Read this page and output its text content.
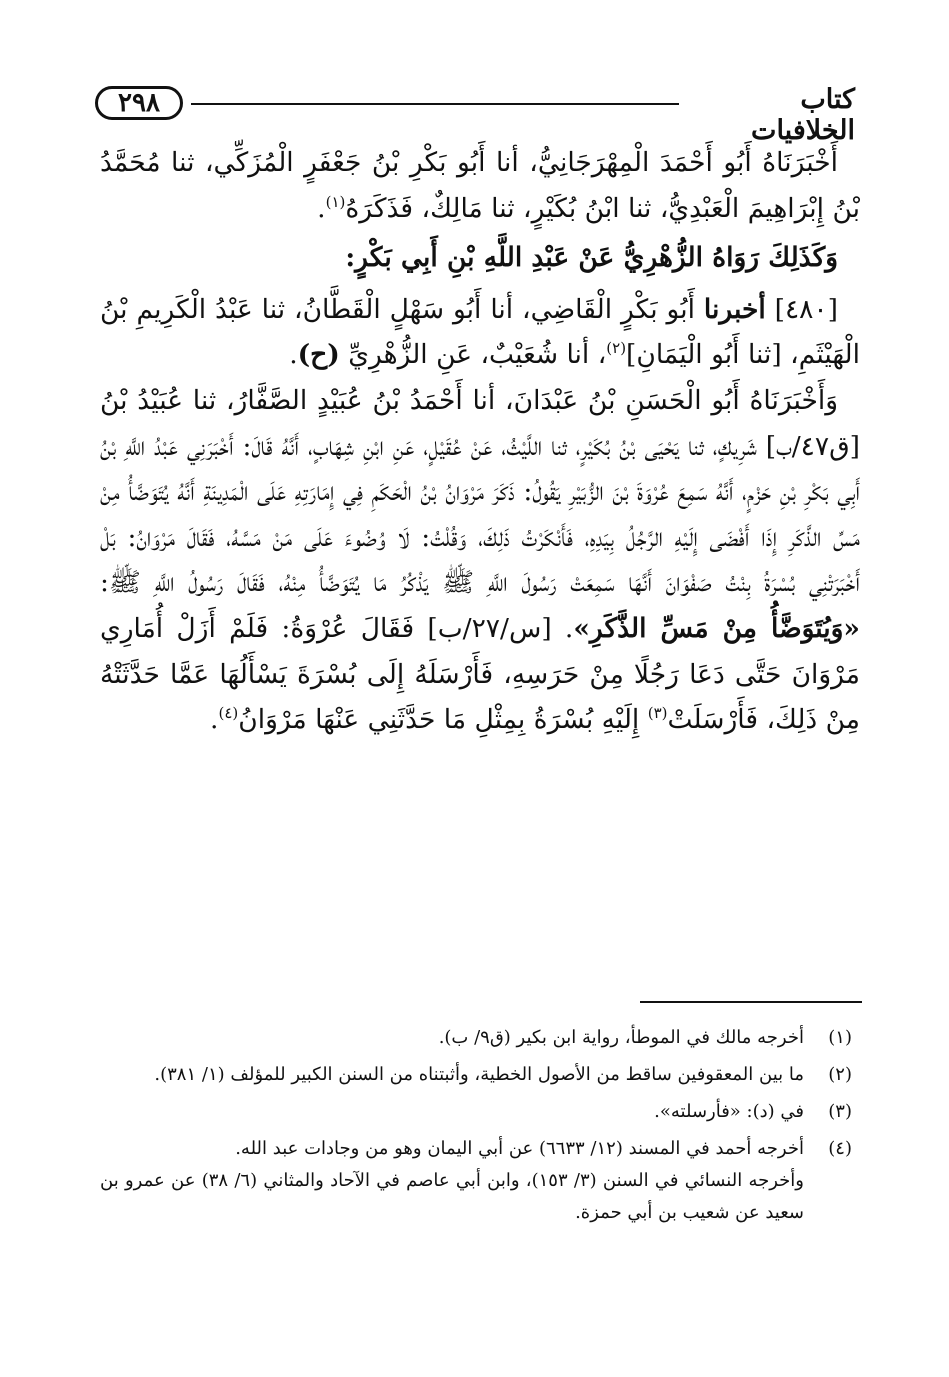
٢٩٨	كتاب الخلافيات

أَخْبَرَنَاهُ أَبُو أَحْمَدَ الْمِهْرَجَانِيُّ، أنا أَبُو بَكْرِ بْنُ جَعْفَرٍ الْمُزَكِّي، ثنا مُحَمَّدُ بْنُ إِبْرَاهِيمَ الْعَبْدِيُّ، ثنا ابْنُ بُكَيْرٍ، ثنا مَالِكٌ، فَذَكَرَهُ$^{(١)}$.

وَكَذَلِكَ رَوَاهُ الزُّهْرِيُّ عَنْ عَبْدِ اللَّهِ بْنِ أَبِي بَكْرٍ:

[٤٨٠] أخبرنا أَبُو بَكْرٍ الْقَاضِي، أنا أَبُو سَهْلٍ الْقَطَّانُ، ثنا عَبْدُ الْكَرِيمِ بْنُ الْهَيْثَمِ، [ثنا أَبُو الْيَمَانِ]$^{(٢)}$، أنا شُعَيْبٌ، عَنِ الزُّهْرِيِّ (ح).

وَأَخْبَرَنَاهُ أَبُو الْحَسَنِ بْنُ عَبْدَانَ، أنا أَحْمَدُ بْنُ عُبَيْدٍ الصَّفَّارُ، ثنا عُبَيْدُ بْنُ [ق٤٧/ب] شَرِيكٍ، ثنا يَحْيَى بْنُ بُكَيْرٍ، ثنا اللَّيْثُ، عَنْ عُقَيْلٍ، عَنِ ابْنِ شِهَابٍ، أَنَّهُ قَالَ: أَخْبَرَنِي عَبْدُ اللَّهِ بْنُ أَبِي بَكْرِ بْنِ حَزْمٍ، أَنَّهُ سَمِعَ عُرْوَةَ بْنَ الزُّبَيْرِ يَقُولُ: ذَكَرَ مَرْوَانُ بْنُ الْحَكَمِ فِي إِمَارَتِهِ عَلَى الْمَدِينَةِ أَنَّهُ يُتَوَضَّأُ مِنْ مَسِّ الذَّكَرِ إِذَا أَفْضَى إِلَيْهِ الرَّجُلُ بِيَدِهِ، فَأَنْكَرْتُ ذَلِكَ، وَقُلْتُ: لَا وُضُوءَ عَلَى مَنْ مَسَّهُ، فَقَالَ مَرْوَانُ: بَلْ أَخْبَرَتْنِي بُسْرَةُ بِنْتُ صَفْوَانَ أَنَّهَا سَمِعَتْ رَسُولَ اللَّهِ ﷺ يَذْكُرُ مَا يُتَوَضَّأُ مِنْهُ، فَقَالَ رَسُولُ اللَّهِ ﷺ: «وَيُتَوَضَّأُ مِنْ مَسِّ الذَّكَرِ». [س/٢٧/ب] فَقَالَ عُرْوَةُ: فَلَمْ أَزَلْ أُمَارِي مَرْوَانَ حَتَّى دَعَا رَجُلًا مِنْ حَرَسِهِ، فَأَرْسَلَهُ إِلَى بُسْرَةَ يَسْأَلُهَا عَمَّا حَدَّثَتْهُ مِنْ ذَلِكَ، فَأَرْسَلَتْ$^{(٣)}$ إِلَيْهِ بُسْرَةُ بِمِثْلِ مَا حَدَّثَنِي عَنْهَا مَرْوَانُ$^{(٤)}$.

(١)

أخرجه مالك في الموطأ، رواية ابن بكير (ق٩/ ب).

(٢)

ما بين المعقوفين ساقط من الأصول الخطية، وأثبتناه من السنن الكبير للمؤلف (١/ ٣٨١).

(٣)

في (د): «فأرسلته».

(٤)

أخرجه أحمد في المسند (١٢/ ٦٦٣٣) عن أبي اليمان وهو من وجادات عبد الله.

وأخرجه النسائي في السنن (٣/ ١٥٣)، وابن أبي عاصم في الآحاد والمثاني (٦/ ٣٨) عن عمرو بن سعيد عن شعيب بن أبي حمزة.
